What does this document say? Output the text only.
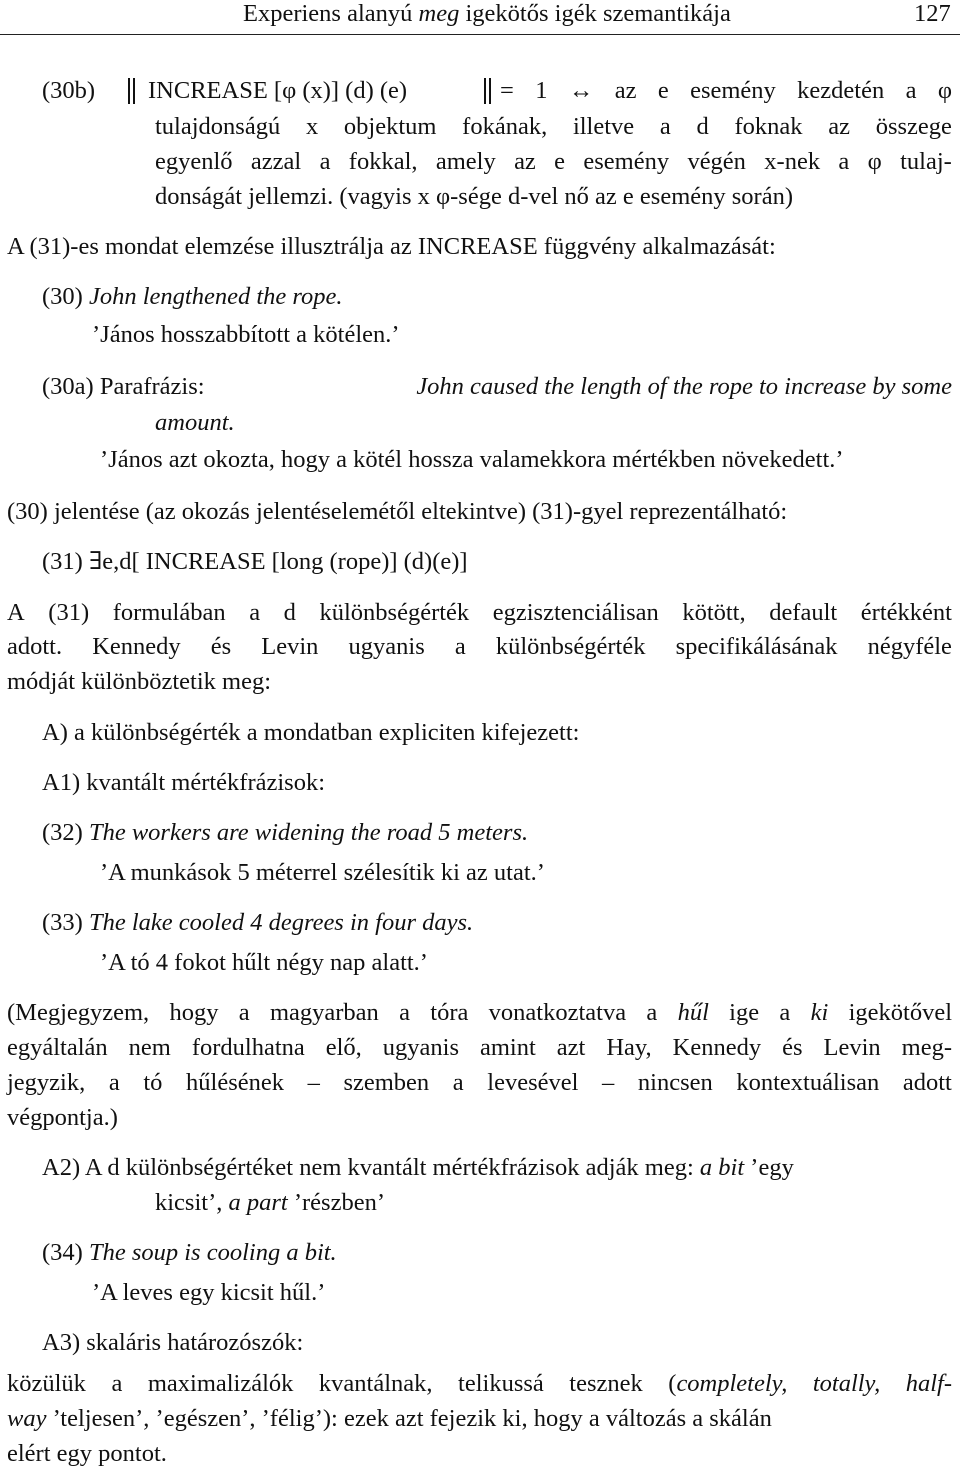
Experiens alanyú meg igekötős igék szemantikája	127
(30b) INCREASE [φ (x)] (d) (e)	= 1 ↔ az e esemény kezdetén a φ
tulajdonságú x objektum fokának, illetve a d foknak az összege
egyenlő azzal a fokkal, amely az e esemény végén x-nek a φ tulaj-
donságát jellemzi. (vagyis x φ-sége d-vel nő az e esemény során)
A (31)-es mondat elemzése illusztrálja az INCREASE függvény alkalmazását:
(30) John lengthened the rope.
’János hosszabbított a kötélen.’
(30a) Parafrázis:	John caused the length of the rope to increase by some
amount.
’János azt okozta, hogy a kötél hossza valamekkora mértékben növekedett.’
(30) jelentése (az okozás jelentéselemétől eltekintve) (31)-gyel reprezentálható:
(31) ∃e,d[ INCREASE [long (rope)] (d)(e)]
A (31) formulában a d különbségérték egzisztenciálisan kötött, default értékként
adott. Kennedy és Levin ugyanis a különbségérték specifikálásának négyféle
módját különböztetik meg:
A) a különbségérték a mondatban expliciten kifejezett:
A1) kvantált mértékfrázisok:
(32) The workers are widening the road 5 meters.
’A munkások 5 méterrel szélesítik ki az utat.’
(33) The lake cooled 4 degrees in four days.
’A tó 4 fokot hűlt négy nap alatt.’
(Megjegyzem, hogy a magyarban a tóra vonatkoztatva a hűl ige a ki igekötővel
egyáltalán nem fordulhatna elő, ugyanis amint azt Hay, Kennedy és Levin meg-
jegyzik, a tó hűlésének – szemben a levesével – nincsen kontextuálisan adott
végpontja.)
A2) A d különbségértéket nem kvantált mértékfrázisok adják meg: a bit ’egy
kicsit’, a part ’részben’
(34) The soup is cooling a bit.
’A leves egy kicsit hűl.’
A3) skaláris határozószók:
közülük a maximalizálók kvantálnak, telikussá tesznek (completely, totally, half-
way ’teljesen’, ’egészen’, ’félig’): ezek azt fejezik ki, hogy a változás a skálán
elért egy pontot.
